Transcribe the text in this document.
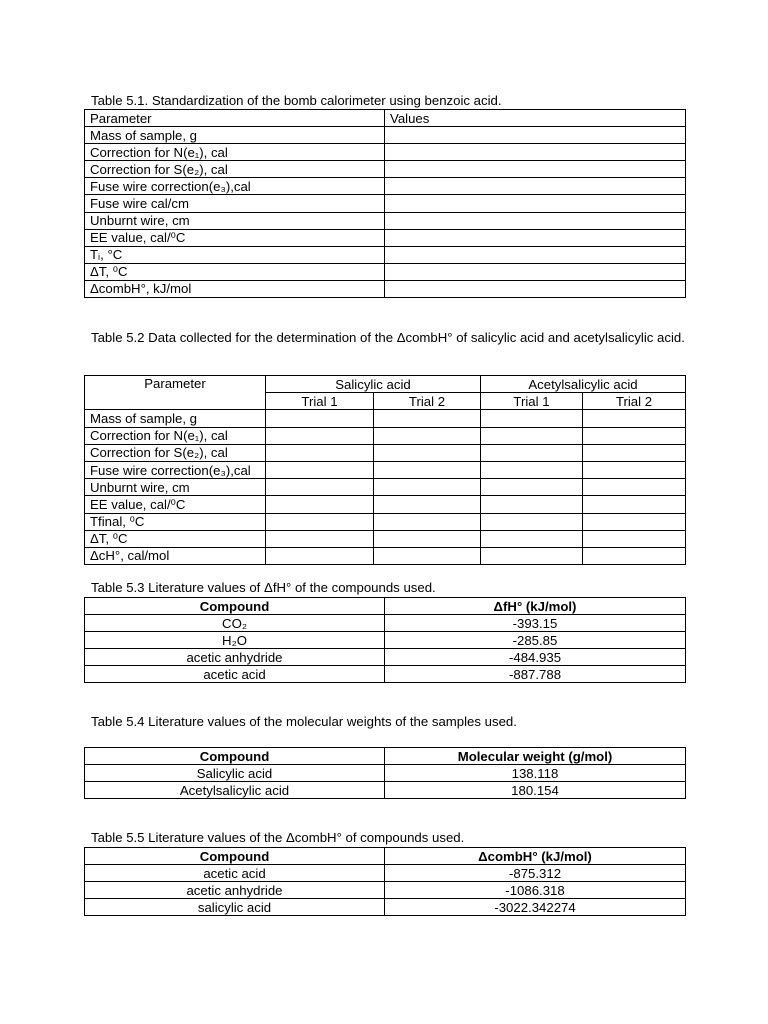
Table 5.1. Standardization of the bomb calorimeter using benzoic acid.
Parameter	Values
Mass of sample, g	
Correction for N(e₁), cal	
Correction for S(e₂), cal	
Fuse wire correction(e₃),cal	
Fuse wire cal/cm	
Unburnt wire, cm	
EE value, cal/⁰C	
Tᵢ, °C	
ΔT, ⁰C	
ΔcombH°, kJ/mol	
Table 5.2 Data collected for the determination of the ΔcombH° of salicylic acid and acetylsalicylic acid.
Parameter	Salicylic acid		Acetylsalicylic acid	
	Trial 1	Trial 2	Trial 1	Trial 2
Mass of sample, g				
Correction for N(e₁), cal				
Correction for S(e₂), cal				
Fuse wire correction(e₃),cal				
Unburnt wire, cm				
EE value, cal/⁰C				
Tfinal, ⁰C				
ΔT, ⁰C				
ΔcH°, cal/mol				
Table 5.3 Literature values of ΔfH° of the compounds used.
Compound	ΔfH° (kJ/mol)
CO₂	-393.15
H₂O	-285.85
acetic anhydride	-484.935
acetic acid	-887.788
Table 5.4 Literature values of the molecular weights of the samples used.
Compound	Molecular weight (g/mol)
Salicylic acid	138.118
Acetylsalicylic acid	180.154
Table 5.5 Literature values of the ΔcombH° of compounds used.
Compound	ΔcombH° (kJ/mol)
acetic acid	-875.312
acetic anhydride	-1086.318
salicylic acid	-3022.342274
